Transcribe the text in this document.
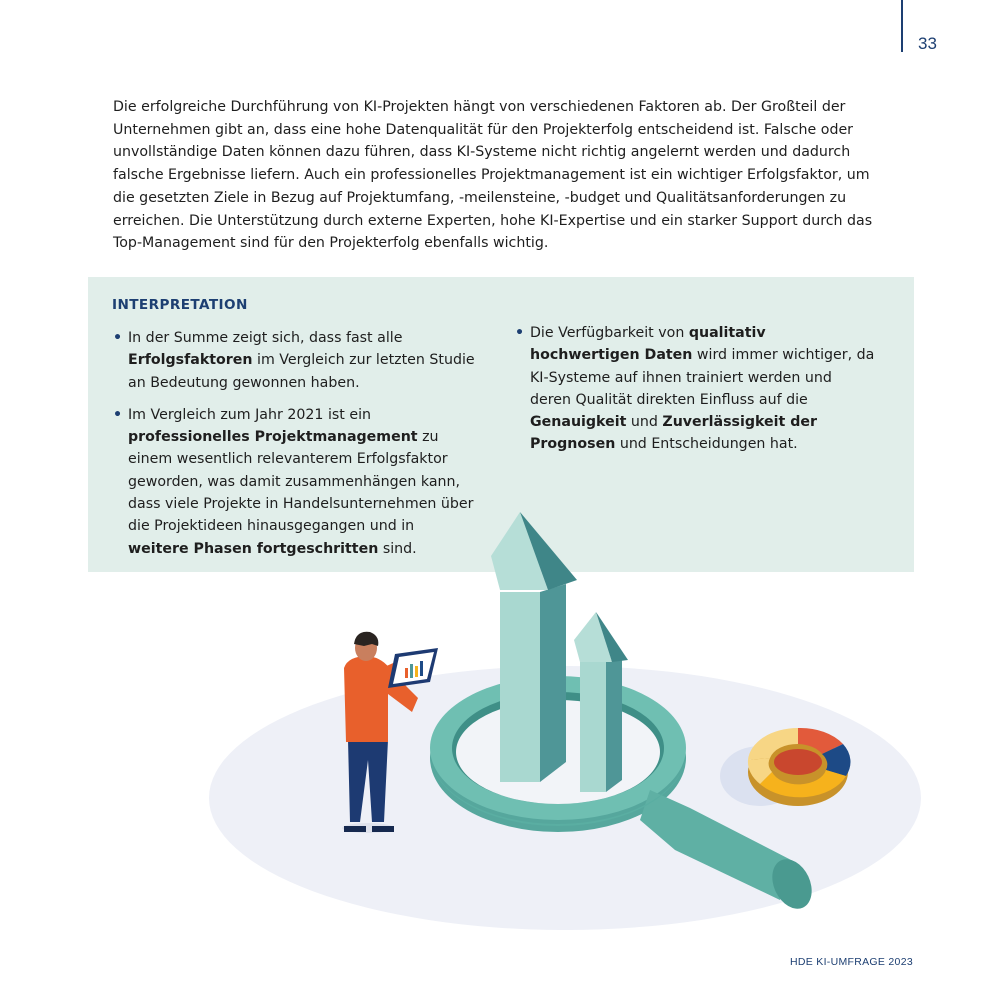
33

Die erfolgreiche Durchführung von KI-Projekten hängt von verschiedenen Faktoren ab. Der Großteil der Unternehmen gibt an, dass eine hohe Datenqualität für den Projekterfolg entscheidend ist. Falsche oder unvollständige Daten können dazu führen, dass KI-Systeme nicht richtig angelernt werden und dadurch falsche Ergebnisse liefern. Auch ein professionelles Projektmanagement ist ein wichtiger Erfolgsfaktor, um die gesetzten Ziele in Bezug auf Projektumfang, -meilensteine, -budget und Qualitätsanforderungen zu erreichen. Die Unterstützung durch externe Experten, hohe KI-Expertise und ein starker Support durch das Top-Management sind für den Projekterfolg ebenfalls wichtig.

INTERPRETATION
• In der Summe zeigt sich, dass fast alle Erfolgsfaktoren im Vergleich zur letzten Studie an Bedeutung gewonnen haben.
• Im Vergleich zum Jahr 2021 ist ein professionelles Projektmanagement zu einem wesentlich relevanterem Erfolgsfaktor geworden, was damit zusammenhängen kann, dass viele Projekte in Handelsunternehmen über die Projektideen hinausgegangen und in weitere Phasen fortgeschritten sind.
• Die Verfügbarkeit von qualitativ hochwertigen Daten wird immer wichtiger, da KI-Systeme auf ihnen trainiert werden und deren Qualität direkten Einfluss auf die Genauigkeit und Zuverlässigkeit der Prognosen und Entscheidungen hat.
HDE KI-UMFRAGE 2023
